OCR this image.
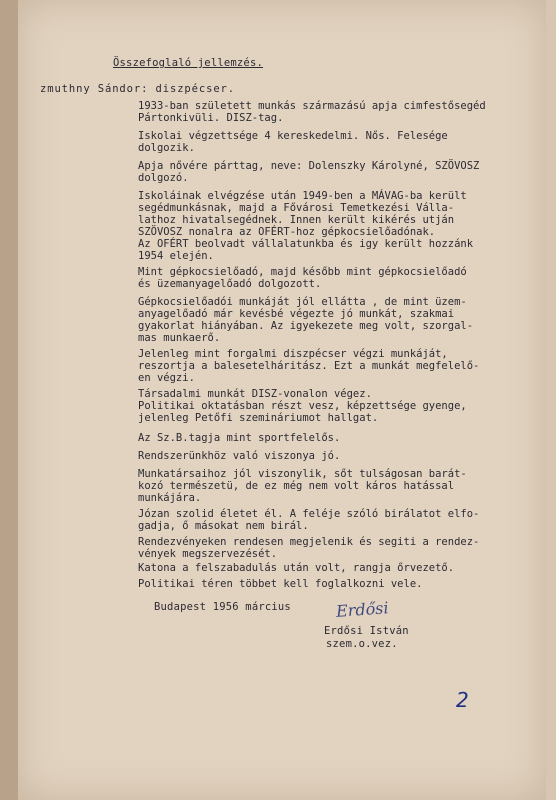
Összefoglaló jellemzés.
zmuthny Sándor: diszpécser.
1933-ban született munkás származású apja cimfestősegéd
Pártonkivüli. DISZ-tag.
Iskolai végzettsége 4 kereskedelmi. Nős. Felesége
dolgozik.
Apja nővére párttag, neve: Dolenszky Károlyné, SZÖVOSZ
dolgozó.
Iskoláinak elvégzése után 1949-ben a MÁVAG-ba került
segédmunkásnak, majd a Fővárosi Temetkezési Válla-
lathoz hivatalsegédnek. Innen került kikérés utján
SZÖVOSZ nonalra az OFÉRT-hoz gépkocsielőadónak.
Az OFÉRT beolvadt vállalatunkba és igy került hozzánk
1954 elején.
Mint gépkocsielőadó, majd később mint gépkocsielőadó
és üzemanyagelőadó dolgozott.
Gépkocsielőadói munkáját jól ellátta , de mint üzem-
anyagelőadó már kevésbé végezte jó munkát, szakmai
gyakorlat hiányában. Az igyekezete meg volt, szorgal-
mas munkaerő.
Jelenleg mint forgalmi diszpécser végzi munkáját,
reszortja a balesetelháritász. Ezt a munkát megfelelő-
en végzi.
Társadalmi munkát DISZ-vonalon végez.
Politikai oktatásban részt vesz, képzettsége gyenge,
jelenleg Petőfi szemináriumot hallgat.
Az Sz.B.tagja mint sportfelelős.
Rendszerünkhöz való viszonya jó.
Munkatársaihoz jól viszonylik, sőt tulságosan barát-
kozó természetü, de ez még nem volt káros hatással
munkájára.
Józan szolid életet él. A feléje szóló birálatot elfo-
gadja, ő másokat nem birál.
Rendezvényeken rendesen megjelenik és segiti a rendez-
vények megszervezését.
Katona a felszabadulás után volt, rangja őrvezető.
Politikai téren többet kell foglalkozni vele.
Budapest 1956 március	Erdősi
Erdősi István
szem.o.vez.
2
